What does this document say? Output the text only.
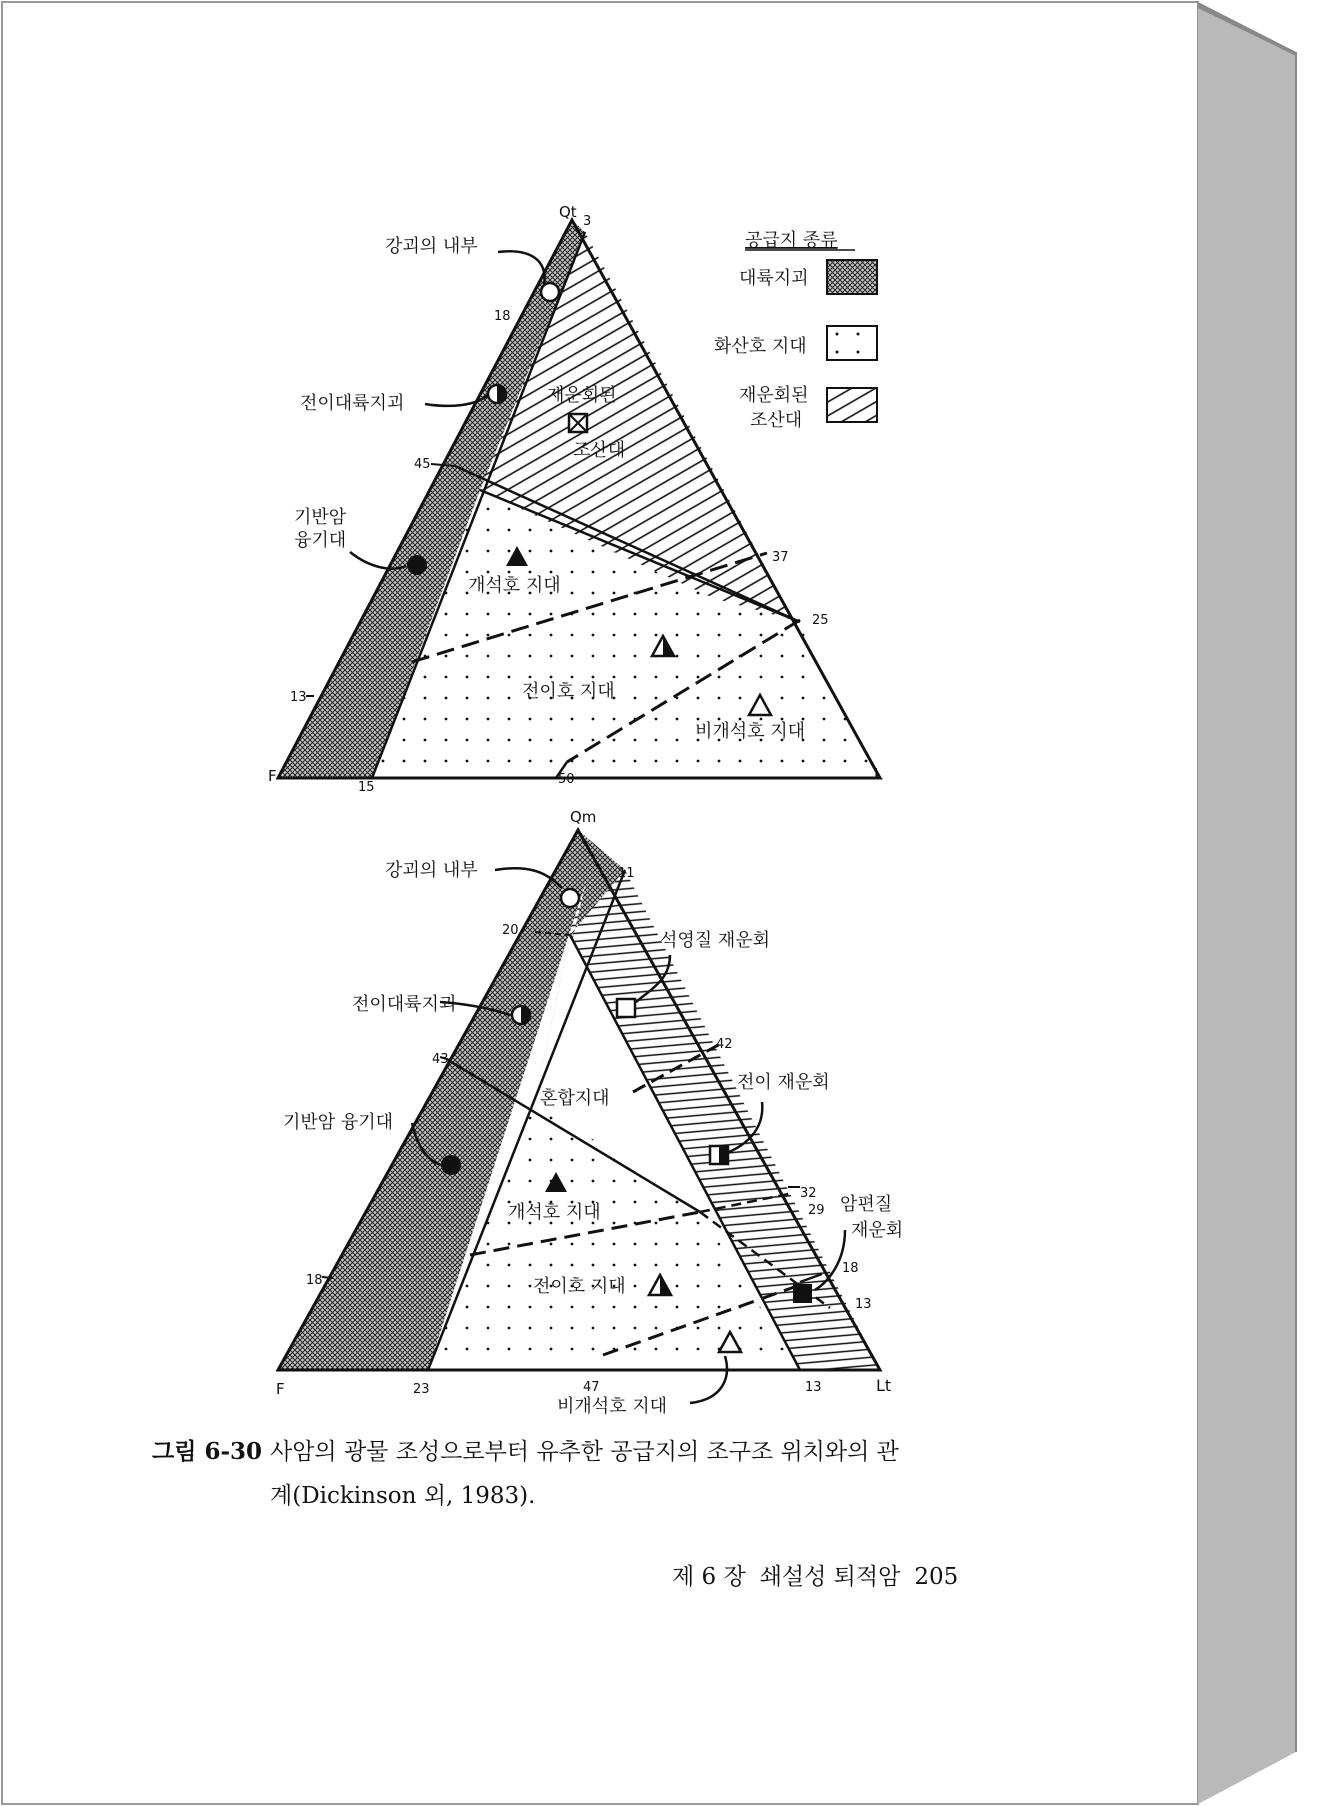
Qt
F	L
3
18
45
37
25
13
15
50
강괴의 내부
전이대륙지괴
기반암
융기대
재운회된
조산대
개석호 지대
전이호 지대
비개석호 지대
공급지 종류
대륙지괴
화산호 지대
재운회된
조산대
Qm
F	Lt
11
20
43
42
32
29
18
13
18
23	47	13
강괴의 내부
석영질 재운회
전이대륙지괴
전이 재운회
혼합지대
기반암 융기대
개석호 지대	암편질
재운회
전이호 지대
비개석호 지대
그림 6-30 사암의 광물 조성으로부터 유추한 공급지의 조구조 위치와의 관
계(Dickinson 외, 1983).
제 6 장 쇄설성 퇴적암 205
